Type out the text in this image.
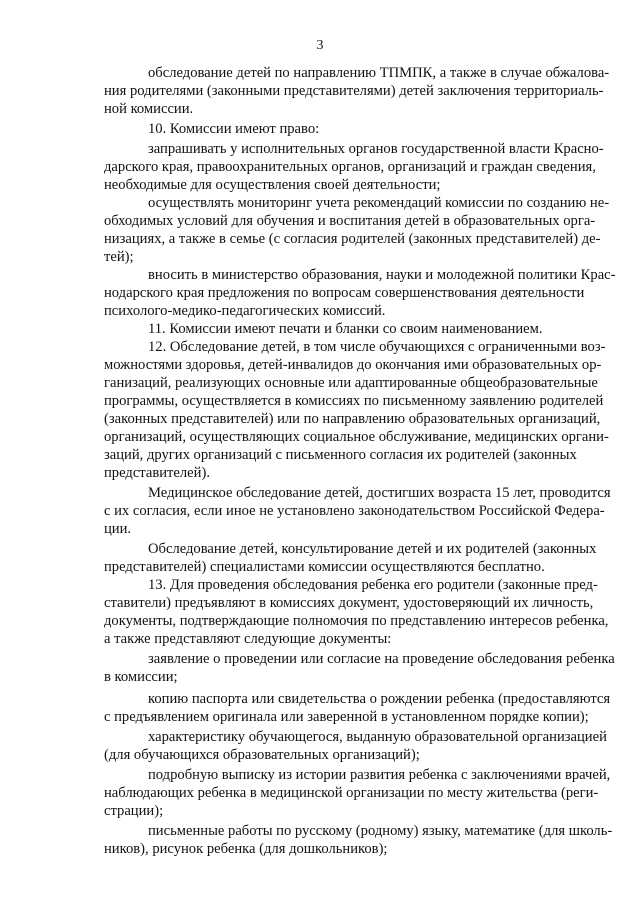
3
обследование детей по направлению ТПМПК, а также в случае обжалова-
ния родителями (законными представителями) детей заключения территориаль-
ной комиссии.
10. Комиссии имеют право:
запрашивать у исполнительных органов государственной власти Красно-
дарского края, правоохранительных органов, организаций и граждан сведения,
необходимые для осуществления своей деятельности;
осуществлять мониторинг учета рекомендаций комиссии по созданию не-
обходимых условий для обучения и воспитания детей в образовательных орга-
низациях, а также в семье (с согласия родителей (законных представителей) де-
тей);
вносить в министерство образования, науки и молодежной политики Крас-
нодарского края предложения по вопросам совершенствования деятельности
психолого-медико-педагогических комиссий.
11. Комиссии имеют печати и бланки со своим наименованием.
12. Обследование детей, в том числе обучающихся с ограниченными воз-
можностями здоровья, детей-инвалидов до окончания ими образовательных ор-
ганизаций, реализующих основные или адаптированные общеобразовательные
программы, осуществляется в комиссиях по письменному заявлению родителей
(законных представителей) или по направлению образовательных организаций,
организаций, осуществляющих социальное обслуживание, медицинских органи-
заций, других организаций с письменного согласия их родителей (законных
представителей).
Медицинское обследование детей, достигших возраста 15 лет, проводится
с их согласия, если иное не установлено законодательством Российской Федера-
ции.
Обследование детей, консультирование детей и их родителей (законных
представителей) специалистами комиссии осуществляются бесплатно.
13. Для проведения обследования ребенка его родители (законные пред-
ставители) предъявляют в комиссиях документ, удостоверяющий их личность,
документы, подтверждающие полномочия по представлению интересов ребенка,
а также представляют следующие документы:
заявление о проведении или согласие на проведение обследования ребенка
в комиссии;
копию паспорта или свидетельства о рождении ребенка (предоставляются
с предъявлением оригинала или заверенной в установленном порядке копии);
характеристику обучающегося, выданную образовательной организацией
(для обучающихся образовательных организаций);
подробную выписку из истории развития ребенка с заключениями врачей,
наблюдающих ребенка в медицинской организации по месту жительства (реги-
страции);
письменные работы по русскому (родному) языку, математике (для школь-
ников), рисунок ребенка (для дошкольников);
